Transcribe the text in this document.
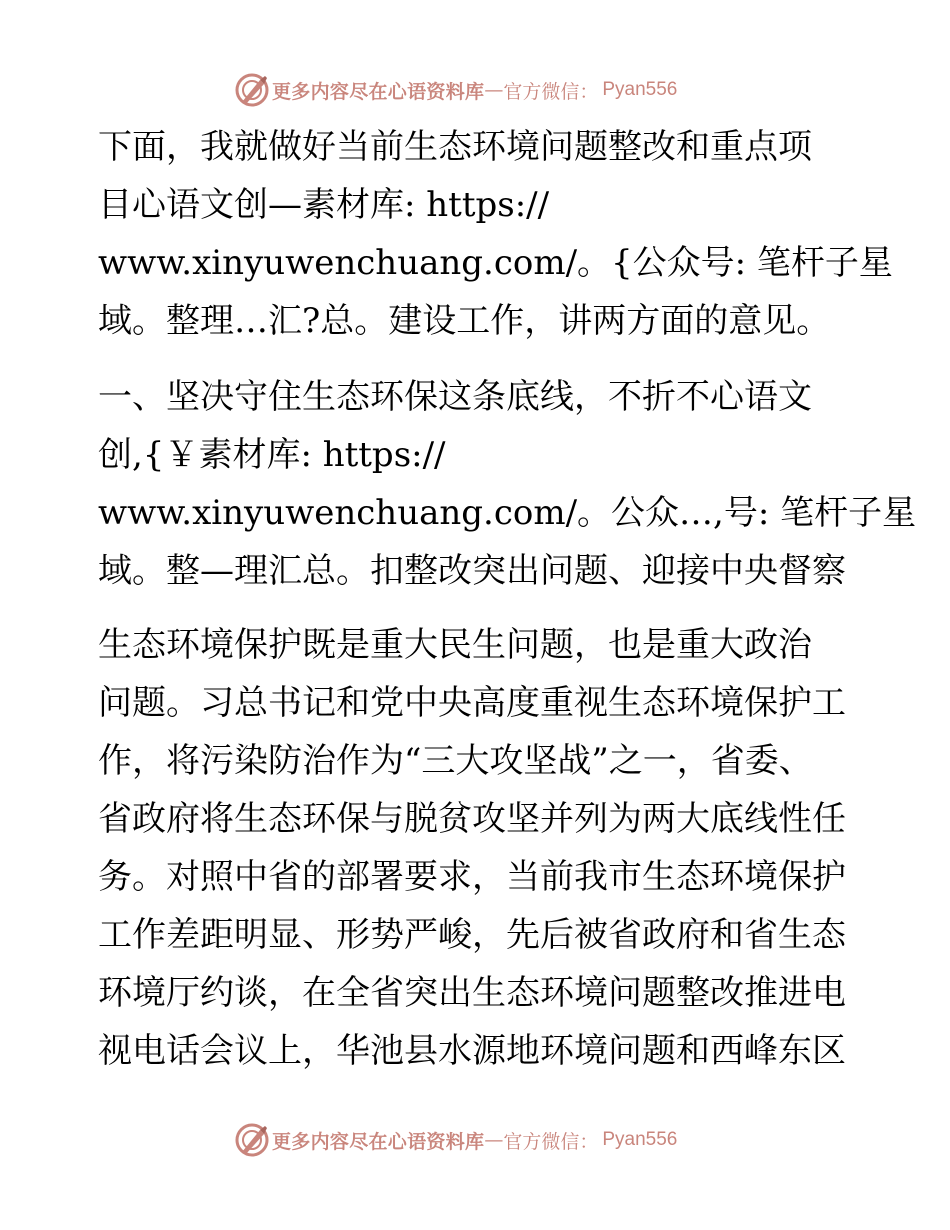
更多内容尽在心语资料库 — 官方微信： Pyan556
下面，我就做好当前生态环境问题整改和重点项
目心语文创—素材库: https://
www.xinyuwenchuang.com/。{公众号: 笔杆子星
域。整理…汇?总。建设工作，讲两方面的意见。
一、坚决守住生态环保这条底线，不折不心语文
创,{￥素材库: https://
www.xinyuwenchuang.com/。公众…,号: 笔杆子星
域。整—理汇总。扣整改突出问题、迎接中央督察
生态环境保护既是重大民生问题，也是重大政治
问题。习总书记和党中央高度重视生态环境保护工
作，将污染防治作为“三大攻坚战”之一，省委、
省政府将生态环保与脱贫攻坚并列为两大底线性任
务。对照中省的部署要求，当前我市生态环境保护
工作差距明显、形势严峻，先后被省政府和省生态
环境厅约谈，在全省突出生态环境问题整改推进电
视电话会议上，华池县水源地环境问题和西峰东区
更多内容尽在心语资料库 — 官方微信： Pyan556
